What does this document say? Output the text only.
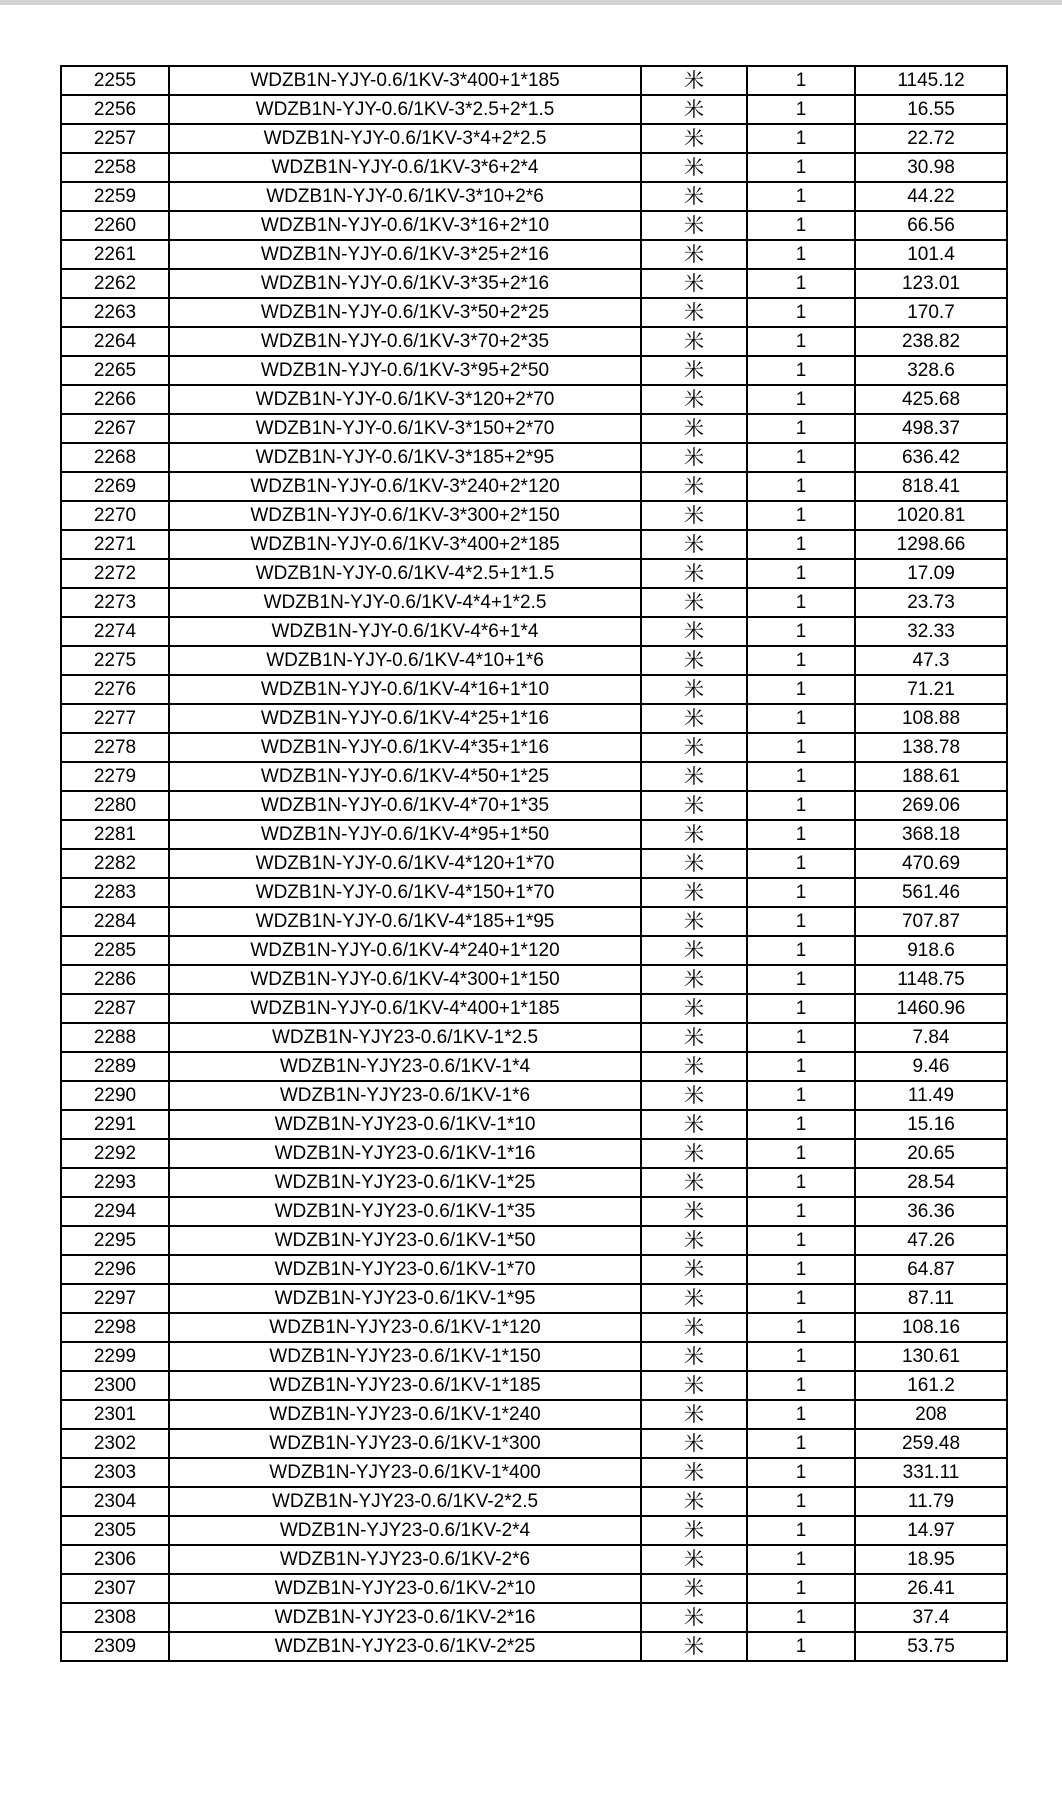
2255	WDZB1N-YJY-0.6/1KV-3*400+1*185	米	1	1145.12
2256	WDZB1N-YJY-0.6/1KV-3*2.5+2*1.5	米	1	16.55
2257	WDZB1N-YJY-0.6/1KV-3*4+2*2.5	米	1	22.72
2258	WDZB1N-YJY-0.6/1KV-3*6+2*4	米	1	30.98
2259	WDZB1N-YJY-0.6/1KV-3*10+2*6	米	1	44.22
2260	WDZB1N-YJY-0.6/1KV-3*16+2*10	米	1	66.56
2261	WDZB1N-YJY-0.6/1KV-3*25+2*16	米	1	101.4
2262	WDZB1N-YJY-0.6/1KV-3*35+2*16	米	1	123.01
2263	WDZB1N-YJY-0.6/1KV-3*50+2*25	米	1	170.7
2264	WDZB1N-YJY-0.6/1KV-3*70+2*35	米	1	238.82
2265	WDZB1N-YJY-0.6/1KV-3*95+2*50	米	1	328.6
2266	WDZB1N-YJY-0.6/1KV-3*120+2*70	米	1	425.68
2267	WDZB1N-YJY-0.6/1KV-3*150+2*70	米	1	498.37
2268	WDZB1N-YJY-0.6/1KV-3*185+2*95	米	1	636.42
2269	WDZB1N-YJY-0.6/1KV-3*240+2*120	米	1	818.41
2270	WDZB1N-YJY-0.6/1KV-3*300+2*150	米	1	1020.81
2271	WDZB1N-YJY-0.6/1KV-3*400+2*185	米	1	1298.66
2272	WDZB1N-YJY-0.6/1KV-4*2.5+1*1.5	米	1	17.09
2273	WDZB1N-YJY-0.6/1KV-4*4+1*2.5	米	1	23.73
2274	WDZB1N-YJY-0.6/1KV-4*6+1*4	米	1	32.33
2275	WDZB1N-YJY-0.6/1KV-4*10+1*6	米	1	47.3
2276	WDZB1N-YJY-0.6/1KV-4*16+1*10	米	1	71.21
2277	WDZB1N-YJY-0.6/1KV-4*25+1*16	米	1	108.88
2278	WDZB1N-YJY-0.6/1KV-4*35+1*16	米	1	138.78
2279	WDZB1N-YJY-0.6/1KV-4*50+1*25	米	1	188.61
2280	WDZB1N-YJY-0.6/1KV-4*70+1*35	米	1	269.06
2281	WDZB1N-YJY-0.6/1KV-4*95+1*50	米	1	368.18
2282	WDZB1N-YJY-0.6/1KV-4*120+1*70	米	1	470.69
2283	WDZB1N-YJY-0.6/1KV-4*150+1*70	米	1	561.46
2284	WDZB1N-YJY-0.6/1KV-4*185+1*95	米	1	707.87
2285	WDZB1N-YJY-0.6/1KV-4*240+1*120	米	1	918.6
2286	WDZB1N-YJY-0.6/1KV-4*300+1*150	米	1	1148.75
2287	WDZB1N-YJY-0.6/1KV-4*400+1*185	米	1	1460.96
2288	WDZB1N-YJY23-0.6/1KV-1*2.5	米	1	7.84
2289	WDZB1N-YJY23-0.6/1KV-1*4	米	1	9.46
2290	WDZB1N-YJY23-0.6/1KV-1*6	米	1	11.49
2291	WDZB1N-YJY23-0.6/1KV-1*10	米	1	15.16
2292	WDZB1N-YJY23-0.6/1KV-1*16	米	1	20.65
2293	WDZB1N-YJY23-0.6/1KV-1*25	米	1	28.54
2294	WDZB1N-YJY23-0.6/1KV-1*35	米	1	36.36
2295	WDZB1N-YJY23-0.6/1KV-1*50	米	1	47.26
2296	WDZB1N-YJY23-0.6/1KV-1*70	米	1	64.87
2297	WDZB1N-YJY23-0.6/1KV-1*95	米	1	87.11
2298	WDZB1N-YJY23-0.6/1KV-1*120	米	1	108.16
2299	WDZB1N-YJY23-0.6/1KV-1*150	米	1	130.61
2300	WDZB1N-YJY23-0.6/1KV-1*185	米	1	161.2
2301	WDZB1N-YJY23-0.6/1KV-1*240	米	1	208
2302	WDZB1N-YJY23-0.6/1KV-1*300	米	1	259.48
2303	WDZB1N-YJY23-0.6/1KV-1*400	米	1	331.11
2304	WDZB1N-YJY23-0.6/1KV-2*2.5	米	1	11.79
2305	WDZB1N-YJY23-0.6/1KV-2*4	米	1	14.97
2306	WDZB1N-YJY23-0.6/1KV-2*6	米	1	18.95
2307	WDZB1N-YJY23-0.6/1KV-2*10	米	1	26.41
2308	WDZB1N-YJY23-0.6/1KV-2*16	米	1	37.4
2309	WDZB1N-YJY23-0.6/1KV-2*25	米	1	53.75
